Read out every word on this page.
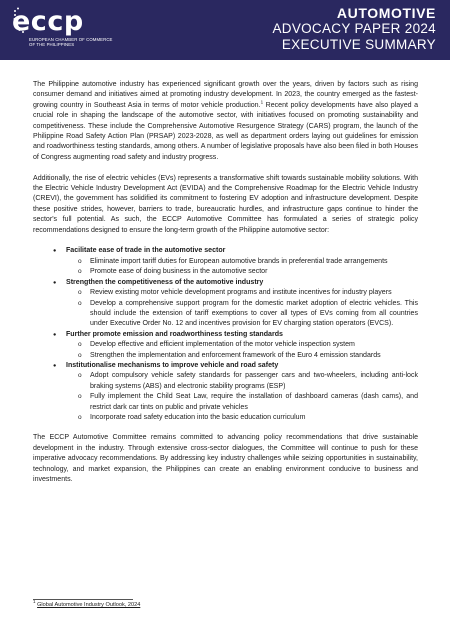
eccp
EUROPEAN CHAMBER OF COMMERCE
OF THE PHILIPPINES
AUTOMOTIVE
ADVOCACY PAPER 2024
EXECUTIVE SUMMARY

The Philippine automotive industry has experienced significant growth over the years, driven by factors such as rising consumer demand and initiatives aimed at promoting industry development. In 2023, the country emerged as the fastest-growing country in Southeast Asia in terms of motor vehicle production.$^1$ Recent policy developments have also played a crucial role in shaping the landscape of the automotive sector, with initiatives focused on promoting sustainability and competitiveness. These include the Comprehensive Automotive Resurgence Strategy (CARS) program, the launch of the Philippine Road Safety Action Plan (PRSAP) 2023-2028, as well as department orders laying out guidelines for emission and roadworthiness testing standards, among others. A number of legislative proposals have also been filed in both Houses of Congress augmenting road safety and industry progress.

Additionally, the rise of electric vehicles (EVs) represents a transformative shift towards sustainable mobility solutions. With the Electric Vehicle Industry Development Act (EVIDA) and the Comprehensive Roadmap for the Electric Vehicle Industry (CREVI), the government has solidified its commitment to fostering EV adoption and infrastructure development. Despite these positive strides, however, barriers to trade, bureaucratic hurdles, and infrastructure gaps continue to hinder the sector's full potential. As such, the ECCP Automotive Committee has formulated a series of strategic policy recommendations designed to ensure the long-term growth of the Philippine automotive sector:

● Facilitate ease of trade in the automotive sector
o Eliminate import tariff duties for European automotive brands in preferential trade arrangements
o Promote ease of doing business in the automotive sector
● Strengthen the competitiveness of the automotive industry
o Review existing motor vehicle development programs and institute incentives for industry players
o Develop a comprehensive support program for the domestic market adoption of electric vehicles. This should include the extension of tariff exemptions to cover all types of EVs coming from all countries under Executive Order No. 12 and incentives provision for EV charging station operators (EVCS).
● Further promote emission and roadworthiness testing standards
o Develop effective and efficient implementation of the motor vehicle inspection system
o Strengthen the implementation and enforcement framework of the Euro 4 emission standards
● Institutionalise mechanisms to improve vehicle and road safety
o Adopt compulsory vehicle safety standards for passenger cars and two-wheelers, including anti-lock braking systems (ABS) and electronic stability programs (ESP)
o Fully implement the Child Seat Law, require the installation of dashboard cameras (dash cams), and restrict dark car tints on public and private vehicles
o Incorporate road safety education into the basic education curriculum

The ECCP Automotive Committee remains committed to advancing policy recommendations that drive sustainable development in the industry. Through extensive cross-sector dialogues, the Committee will continue to push for these imperative advocacy recommendations. By addressing key industry challenges while seizing opportunities in sustainability, technology, and market expansion, the Philippines can create an enabling environment conducive to business and investments.

$^1$ Global Automotive Industry Outlook, 2024
